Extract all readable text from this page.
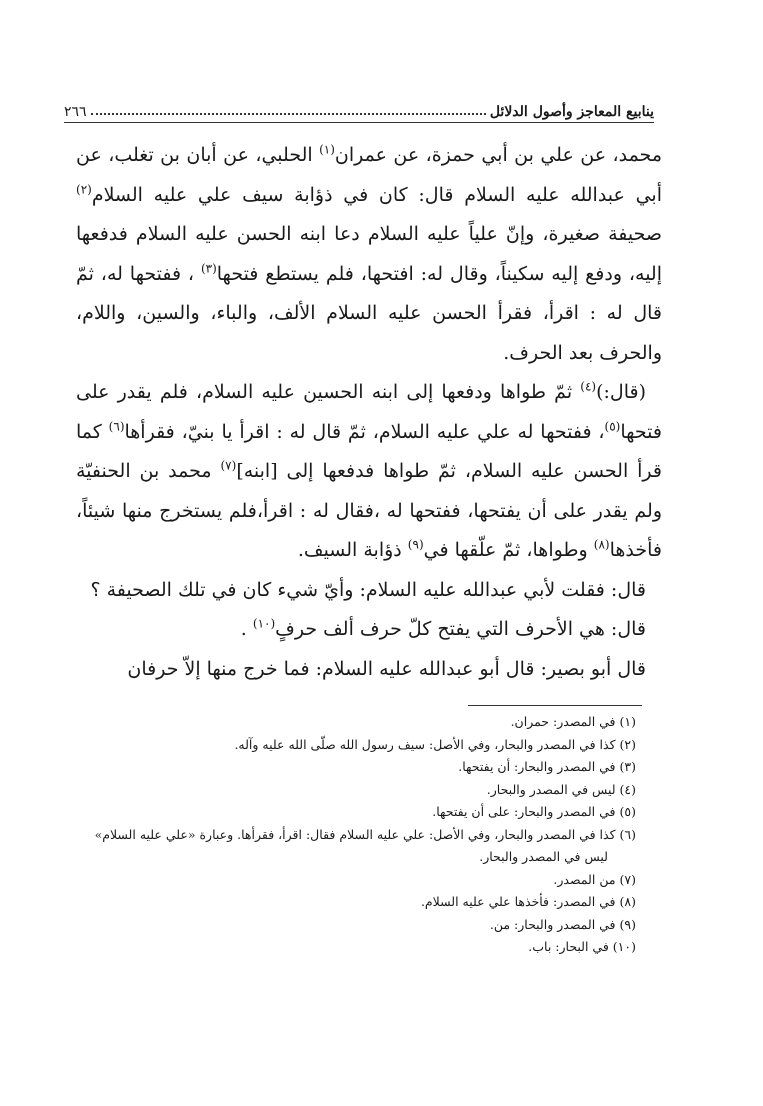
ينابيع المعاجز وأصول الدلائل
٢٦٦

محمد، عن علي بن أبي حمزة، عن عمران$^{(١)}$ الحلبي، عن أبان بن تغلب، عن أبي عبدالله عليه السلام قال: كان في ذؤابة سيف علي عليه السلام$^{(٢)}$ صحيفة صغيرة، وإنّ علياً عليه السلام دعا ابنه الحسن عليه السلام فدفعها إليه، ودفع إليه سكيناً، وقال له: افتحها، فلم يستطع فتحها$^{(٣)}$ ، ففتحها له، ثمّ قال له : اقرأ، فقرأ الحسن عليه السلام الألف، والباء، والسين، واللام، والحرف بعد الحرف.

(قال:)$^{(٤)}$ ثمّ طواها ودفعها إلى ابنه الحسين عليه السلام، فلم يقدر على فتحها$^{(٥)}$، ففتحها له علي عليه السلام، ثمّ قال له : اقرأ يا بنيّ، فقرأها$^{(٦)}$ كما قرأ الحسن عليه السلام، ثمّ طواها فدفعها إلى [ابنه]$^{(٧)}$ محمد بن الحنفيّة ولم يقدر على أن يفتحها، ففتحها له ،فقال له : اقرأ،فلم يستخرج منها شيئاً، فأخذها$^{(٨)}$ وطواها، ثمّ علّقها في$^{(٩)}$ ذؤابة السيف.

قال: فقلت لأبي عبدالله عليه السلام: وأيّ شيء كان في تلك الصحيفة ؟

قال: هي الأحرف التي يفتح كلّ حرف ألف حرفٍ$^{(١٠)}$ .

قال أبو بصير: قال أبو عبدالله عليه السلام: فما خرج منها إلاّ حرفان

(١) في المصدر: حمران.

(٢) كذا في المصدر والبحار، وفي الأصل: سيف رسول الله صلّى الله عليه وآله.

(٣) في المصدر والبحار: أن يفتحها.

(٤) ليس في المصدر والبحار.

(٥) في المصدر والبحار: على أن يفتحها.

(٦) كذا في المصدر والبحار، وفي الأصل: علي عليه السلام فقال: اقرأ، فقرأها. وعبارة «علي عليه السلام»

ليس في المصدر والبحار.

(٧) من المصدر.

(٨) في المصدر: فأخذها علي عليه السلام.

(٩) في المصدر والبحار: من.

(١٠) في البحار: باب.
